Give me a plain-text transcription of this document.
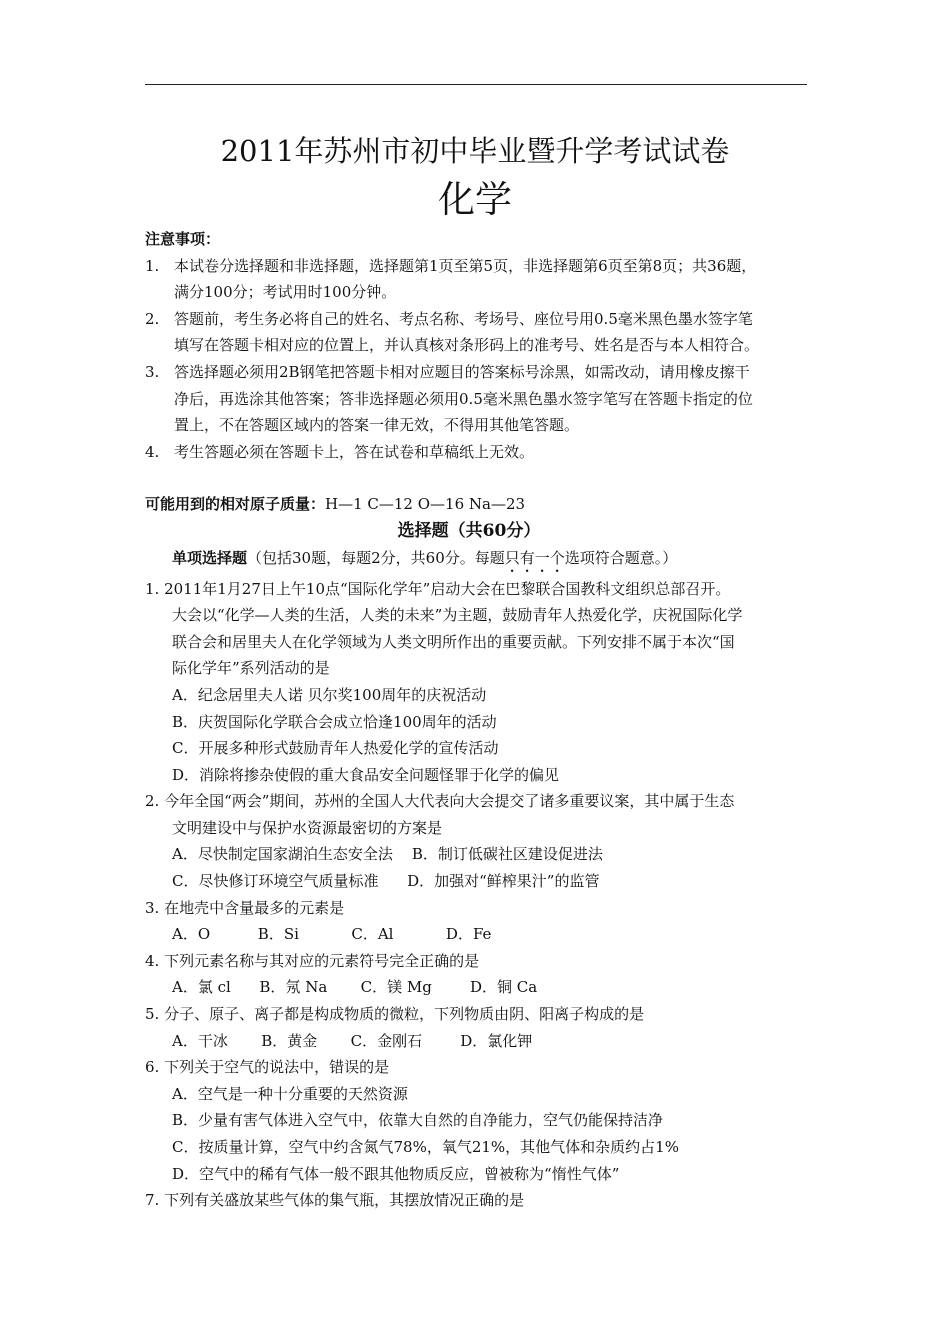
2011年苏州市初中毕业暨升学考试试卷
化学
注意事项：
1. 本试卷分选择题和非选择题，选择题第1页至第5页，非选择题第6页至第8页；共36题，
满分100分；考试用时100分钟。
2. 答题前，考生务必将自己的姓名、考点名称、考场号、座位号用0.5毫米黑色墨水签字笔
填写在答题卡相对应的位置上，并认真核对条形码上的准考号、姓名是否与本人相符合。
3. 答选择题必须用2B钢笔把答题卡相对应题目的答案标号涂黑，如需改动，请用橡皮擦干
净后，再选涂其他答案；答非选择题必须用0.5毫米黑色墨水签字笔写在答题卡指定的位
置上，不在答题区域内的答案一律无效，不得用其他笔答题。
4. 考生答题必须在答题卡上，答在试卷和草稿纸上无效。
可能用到的相对原子质量：H—1 C—12 O—16 Na—23
选择题（共60分）
单项选择题（包括30题，每题2分，共60分。每题只有一个选项符合题意。）
1. 2011年1月27日上午10点“国际化学年”启动大会在巴黎联合国教科文组织总部召开。
大会以“化学—人类的生活，人类的未来”为主题，鼓励青年人热爱化学，庆祝国际化学
联合会和居里夫人在化学领域为人类文明所作出的重要贡献。下列安排不属于本次“国
际化学年”系列活动的是
A．纪念居里夫人诺 贝尔奖100周年的庆祝活动
B．庆贺国际化学联合会成立恰逢100周年的活动
C．开展多种形式鼓励青年人热爱化学的宣传活动
D．消除将掺杂使假的重大食品安全问题怪罪于化学的偏见
2. 今年全国“两会”期间，苏州的全国人大代表向大会提交了诸多重要议案，其中属于生态
文明建设中与保护水资源最密切的方案是
A．尽快制定国家湖泊生态安全法    B．制订低碳社区建设促进法
C．尽快修订环境空气质量标准      D．加强对“鲜榨果汁”的监管
3. 在地壳中含量最多的元素是
A．O          B．Si           C．Al           D．Fe
4. 下列元素名称与其对应的元素符号完全正确的是
A．氯 cl      B．氖 Na       C．镁 Mg        D．铜 Ca
5. 分子、原子、离子都是构成物质的微粒，下列物质由阴、阳离子构成的是
A．干冰       B．黄金       C．金刚石        D．氯化钾
6. 下列关于空气的说法中，错误的是
A．空气是一种十分重要的天然资源
B．少量有害气体进入空气中，依靠大自然的自净能力，空气仍能保持洁净
C．按质量计算，空气中约含氮气78%，氧气21%，其他气体和杂质约占1%
D．空气中的稀有气体一般不跟其他物质反应，曾被称为“惰性气体”
7. 下列有关盛放某些气体的集气瓶，其摆放情况正确的是
